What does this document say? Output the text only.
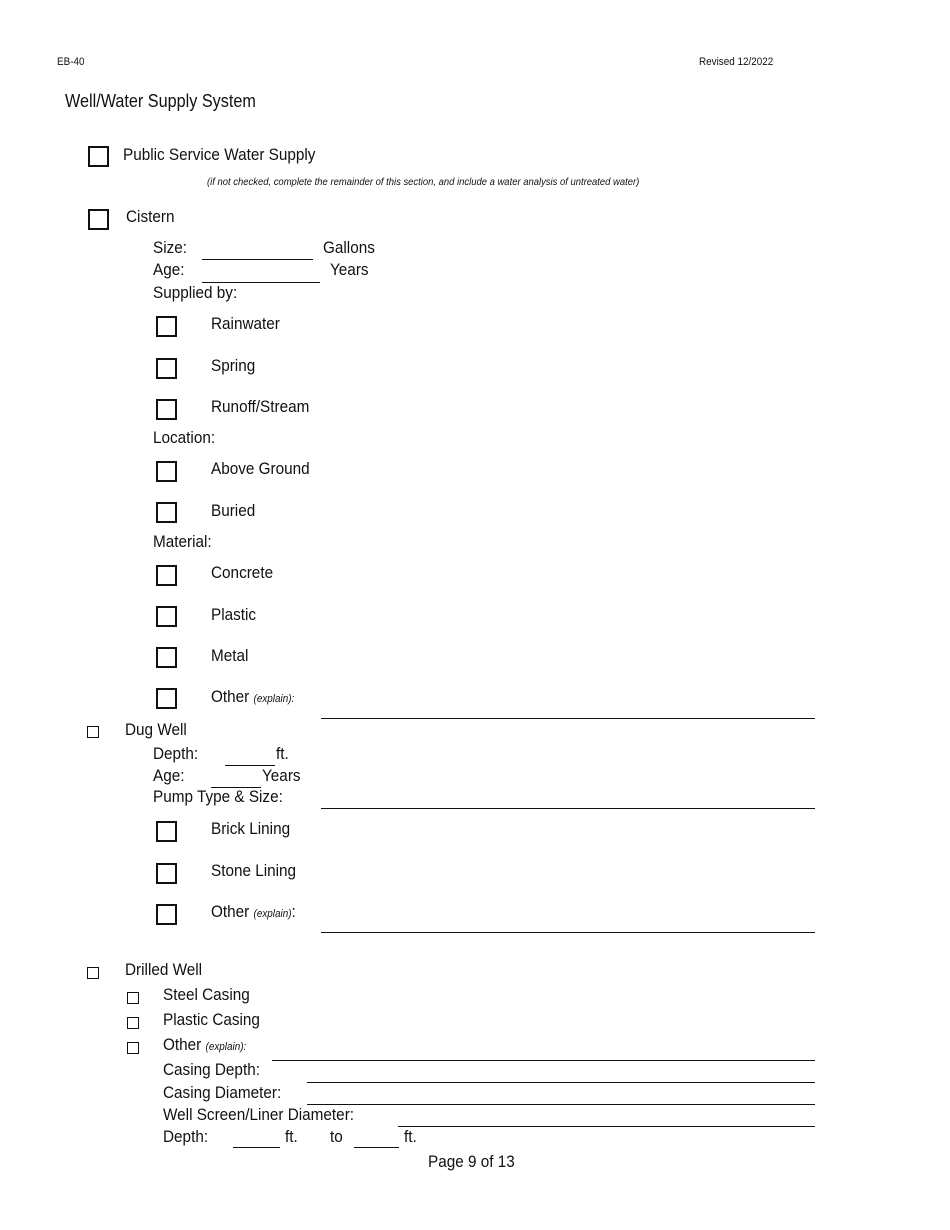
EB-40	Revised 12/2022
Well/Water Supply System
Public Service Water Supply
(if not checked, complete the remainder of this section, and include a water analysis of untreated water)
Cistern
Size:	Gallons
Age:	Years
Supplied by:
Rainwater
Spring
Runoff/Stream
Location:
Above Ground
Buried
Material:
Concrete
Plastic
Metal
Other (explain):
Dug Well
Depth:	ft.
Age:	Years
Pump Type & Size:
Brick Lining
Stone Lining
Other (explain):
Drilled Well
Steel Casing
Plastic Casing
Other (explain):
Casing Depth:
Casing Diameter:
Well Screen/Liner Diameter:
Depth:	ft. to	ft.
Page 9 of 13
